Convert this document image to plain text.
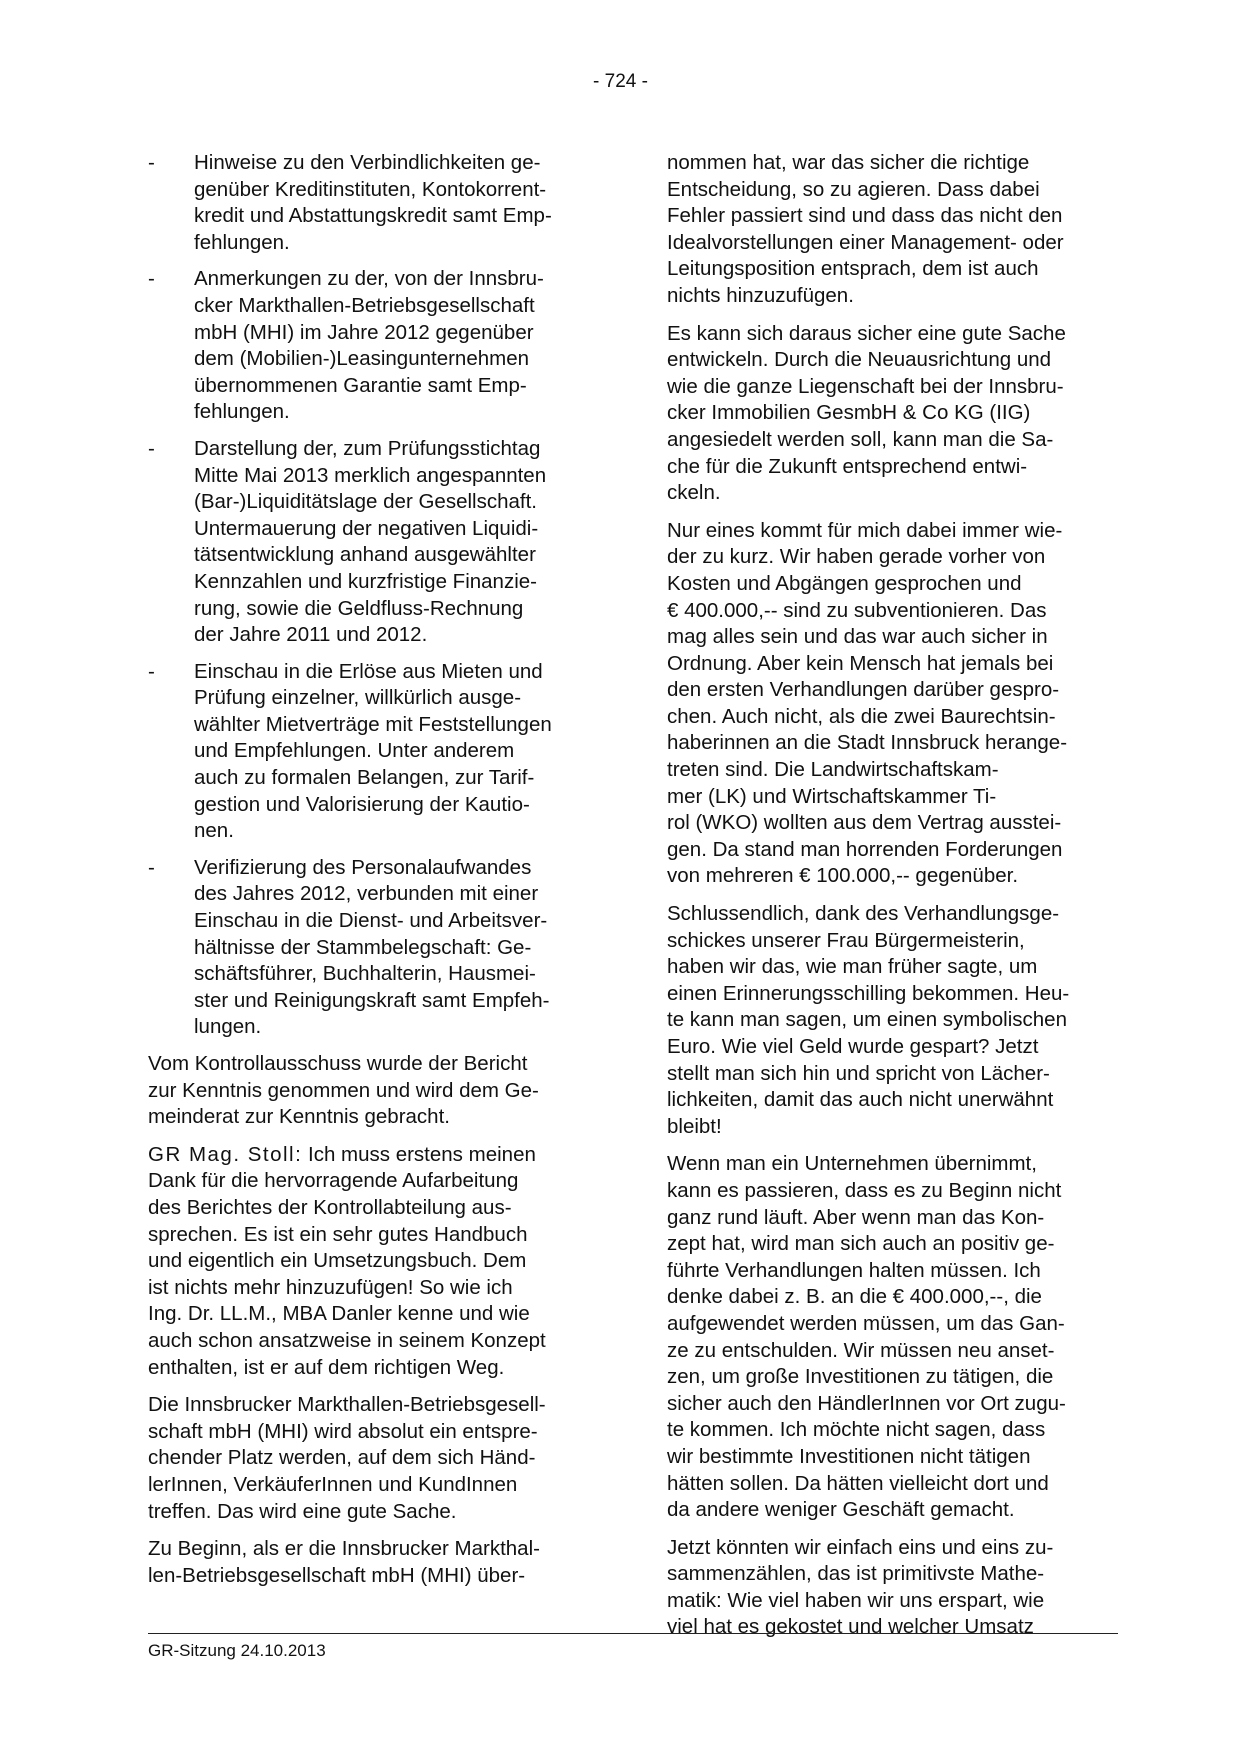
- 724 -
-	Hinweise zu den Verbindlichkeiten ge-
genüber Kreditinstituten, Kontokorrent-
kredit und Abstattungskredit samt Emp-
fehlungen.
-	Anmerkungen zu der, von der Innsbru-
cker Markthallen-Betriebsgesellschaft
mbH (MHI) im Jahre 2012 gegenüber
dem (Mobilien-)Leasingunternehmen
übernommenen Garantie samt Emp-
fehlungen.
-	Darstellung der, zum Prüfungsstichtag
Mitte Mai 2013 merklich angespannten
(Bar-)Liquiditätslage der Gesellschaft.
Untermauerung der negativen Liquidi-
tätsentwicklung anhand ausgewählter
Kennzahlen und kurzfristige Finanzie-
rung, sowie die Geldfluss-Rechnung
der Jahre 2011 und 2012.
-	Einschau in die Erlöse aus Mieten und
Prüfung einzelner, willkürlich ausge-
wählter Mietverträge mit Feststellungen
und Empfehlungen. Unter anderem
auch zu formalen Belangen, zur Tarif-
gestion und Valorisierung der Kautio-
nen.
-	Verifizierung des Personalaufwandes
des Jahres 2012, verbunden mit einer
Einschau in die Dienst- und Arbeitsver-
hältnisse der Stammbelegschaft: Ge-
schäftsführer, Buchhalterin, Hausmei-
ster und Reinigungskraft samt Empfeh-
lungen.

Vom Kontrollausschuss wurde der Bericht
zur Kenntnis genommen und wird dem Ge-
meinderat zur Kenntnis gebracht.

GR Mag. Stoll: Ich muss erstens meinen
Dank für die hervorragende Aufarbeitung
des Berichtes der Kontrollabteilung aus-
sprechen. Es ist ein sehr gutes Handbuch
und eigentlich ein Umsetzungsbuch. Dem
ist nichts mehr hinzuzufügen! So wie ich
Ing. Dr. LL.M., MBA Danler kenne und wie
auch schon ansatzweise in seinem Konzept
enthalten, ist er auf dem richtigen Weg.

Die Innsbrucker Markthallen-Betriebsgesell-
schaft mbH (MHI) wird absolut ein entspre-
chender Platz werden, auf dem sich Händ-
lerInnen, VerkäuferInnen und KundInnen
treffen. Das wird eine gute Sache.

Zu Beginn, als er die Innsbrucker Markthal-
len-Betriebsgesellschaft mbH (MHI) über-

nommen hat, war das sicher die richtige
Entscheidung, so zu agieren. Dass dabei
Fehler passiert sind und dass das nicht den
Idealvorstellungen einer Management- oder
Leitungsposition entsprach, dem ist auch
nichts hinzuzufügen.

Es kann sich daraus sicher eine gute Sache
entwickeln. Durch die Neuausrichtung und
wie die ganze Liegenschaft bei der Innsbru-
cker Immobilien GesmbH & Co KG (IIG)
angesiedelt werden soll, kann man die Sa-
che für die Zukunft entsprechend entwi-
ckeln.

Nur eines kommt für mich dabei immer wie-
der zu kurz. Wir haben gerade vorher von
Kosten und Abgängen gesprochen und
€ 400.000,-- sind zu subventionieren. Das
mag alles sein und das war auch sicher in
Ordnung. Aber kein Mensch hat jemals bei
den ersten Verhandlungen darüber gespro-
chen. Auch nicht, als die zwei Baurechtsin-
haberinnen an die Stadt Innsbruck herange-
treten sind. Die Landwirtschaftskam-
mer (LK) und Wirtschaftskammer Ti-
rol (WKO) wollten aus dem Vertrag ausstei-
gen. Da stand man horrenden Forderungen
von mehreren € 100.000,-- gegenüber.

Schlussendlich, dank des Verhandlungsge-
schickes unserer Frau Bürgermeisterin,
haben wir das, wie man früher sagte, um
einen Erinnerungsschilling bekommen. Heu-
te kann man sagen, um einen symbolischen
Euro. Wie viel Geld wurde gespart? Jetzt
stellt man sich hin und spricht von Lächer-
lichkeiten, damit das auch nicht unerwähnt
bleibt!

Wenn man ein Unternehmen übernimmt,
kann es passieren, dass es zu Beginn nicht
ganz rund läuft. Aber wenn man das Kon-
zept hat, wird man sich auch an positiv ge-
führte Verhandlungen halten müssen. Ich
denke dabei z. B. an die € 400.000,--, die
aufgewendet werden müssen, um das Gan-
ze zu entschulden. Wir müssen neu anset-
zen, um große Investitionen zu tätigen, die
sicher auch den HändlerInnen vor Ort zugu-
te kommen. Ich möchte nicht sagen, dass
wir bestimmte Investitionen nicht tätigen
hätten sollen. Da hätten vielleicht dort und
da andere weniger Geschäft gemacht.

Jetzt könnten wir einfach eins und eins zu-
sammenzählen, das ist primitivste Mathe-
matik: Wie viel haben wir uns erspart, wie
viel hat es gekostet und welcher Umsatz

GR-Sitzung 24.10.2013
